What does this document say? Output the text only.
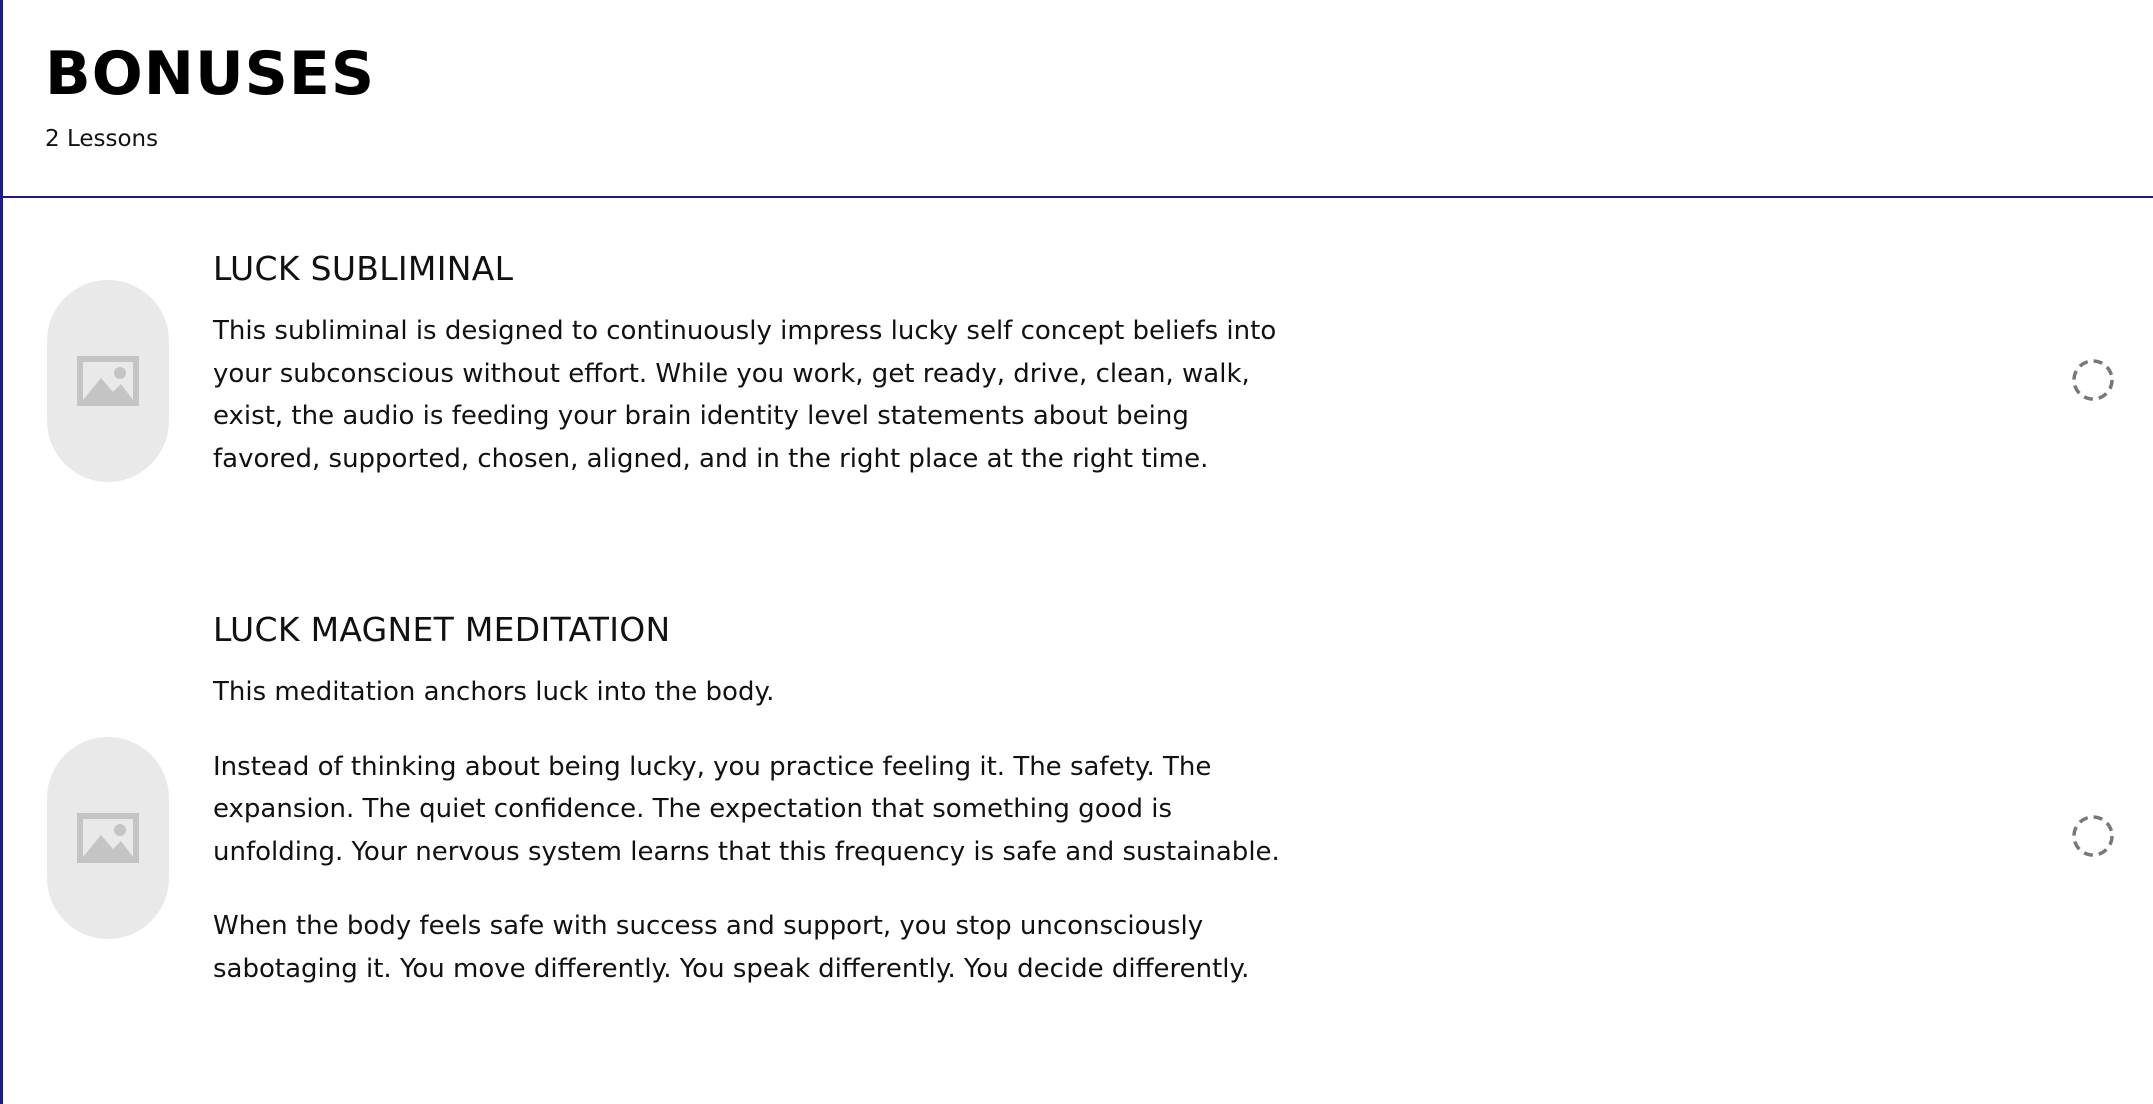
BONUSES
2 Lessons
LUCK SUBLIMINAL

This subliminal is designed to continuously impress lucky self concept beliefs into your subconscious without effort. While you work, get ready, drive, clean, walk, exist, the audio is feeding your brain identity level statements about being favored, supported, chosen, aligned, and in the right place at the right time.

LUCK MAGNET MEDITATION

This meditation anchors luck into the body.

Instead of thinking about being lucky, you practice feeling it. The safety. The expansion. The quiet confidence. The expectation that something good is unfolding. Your nervous system learns that this frequency is safe and sustainable.

When the body feels safe with success and support, you stop unconsciously sabotaging it. You move differently. You speak differently. You decide differently.
